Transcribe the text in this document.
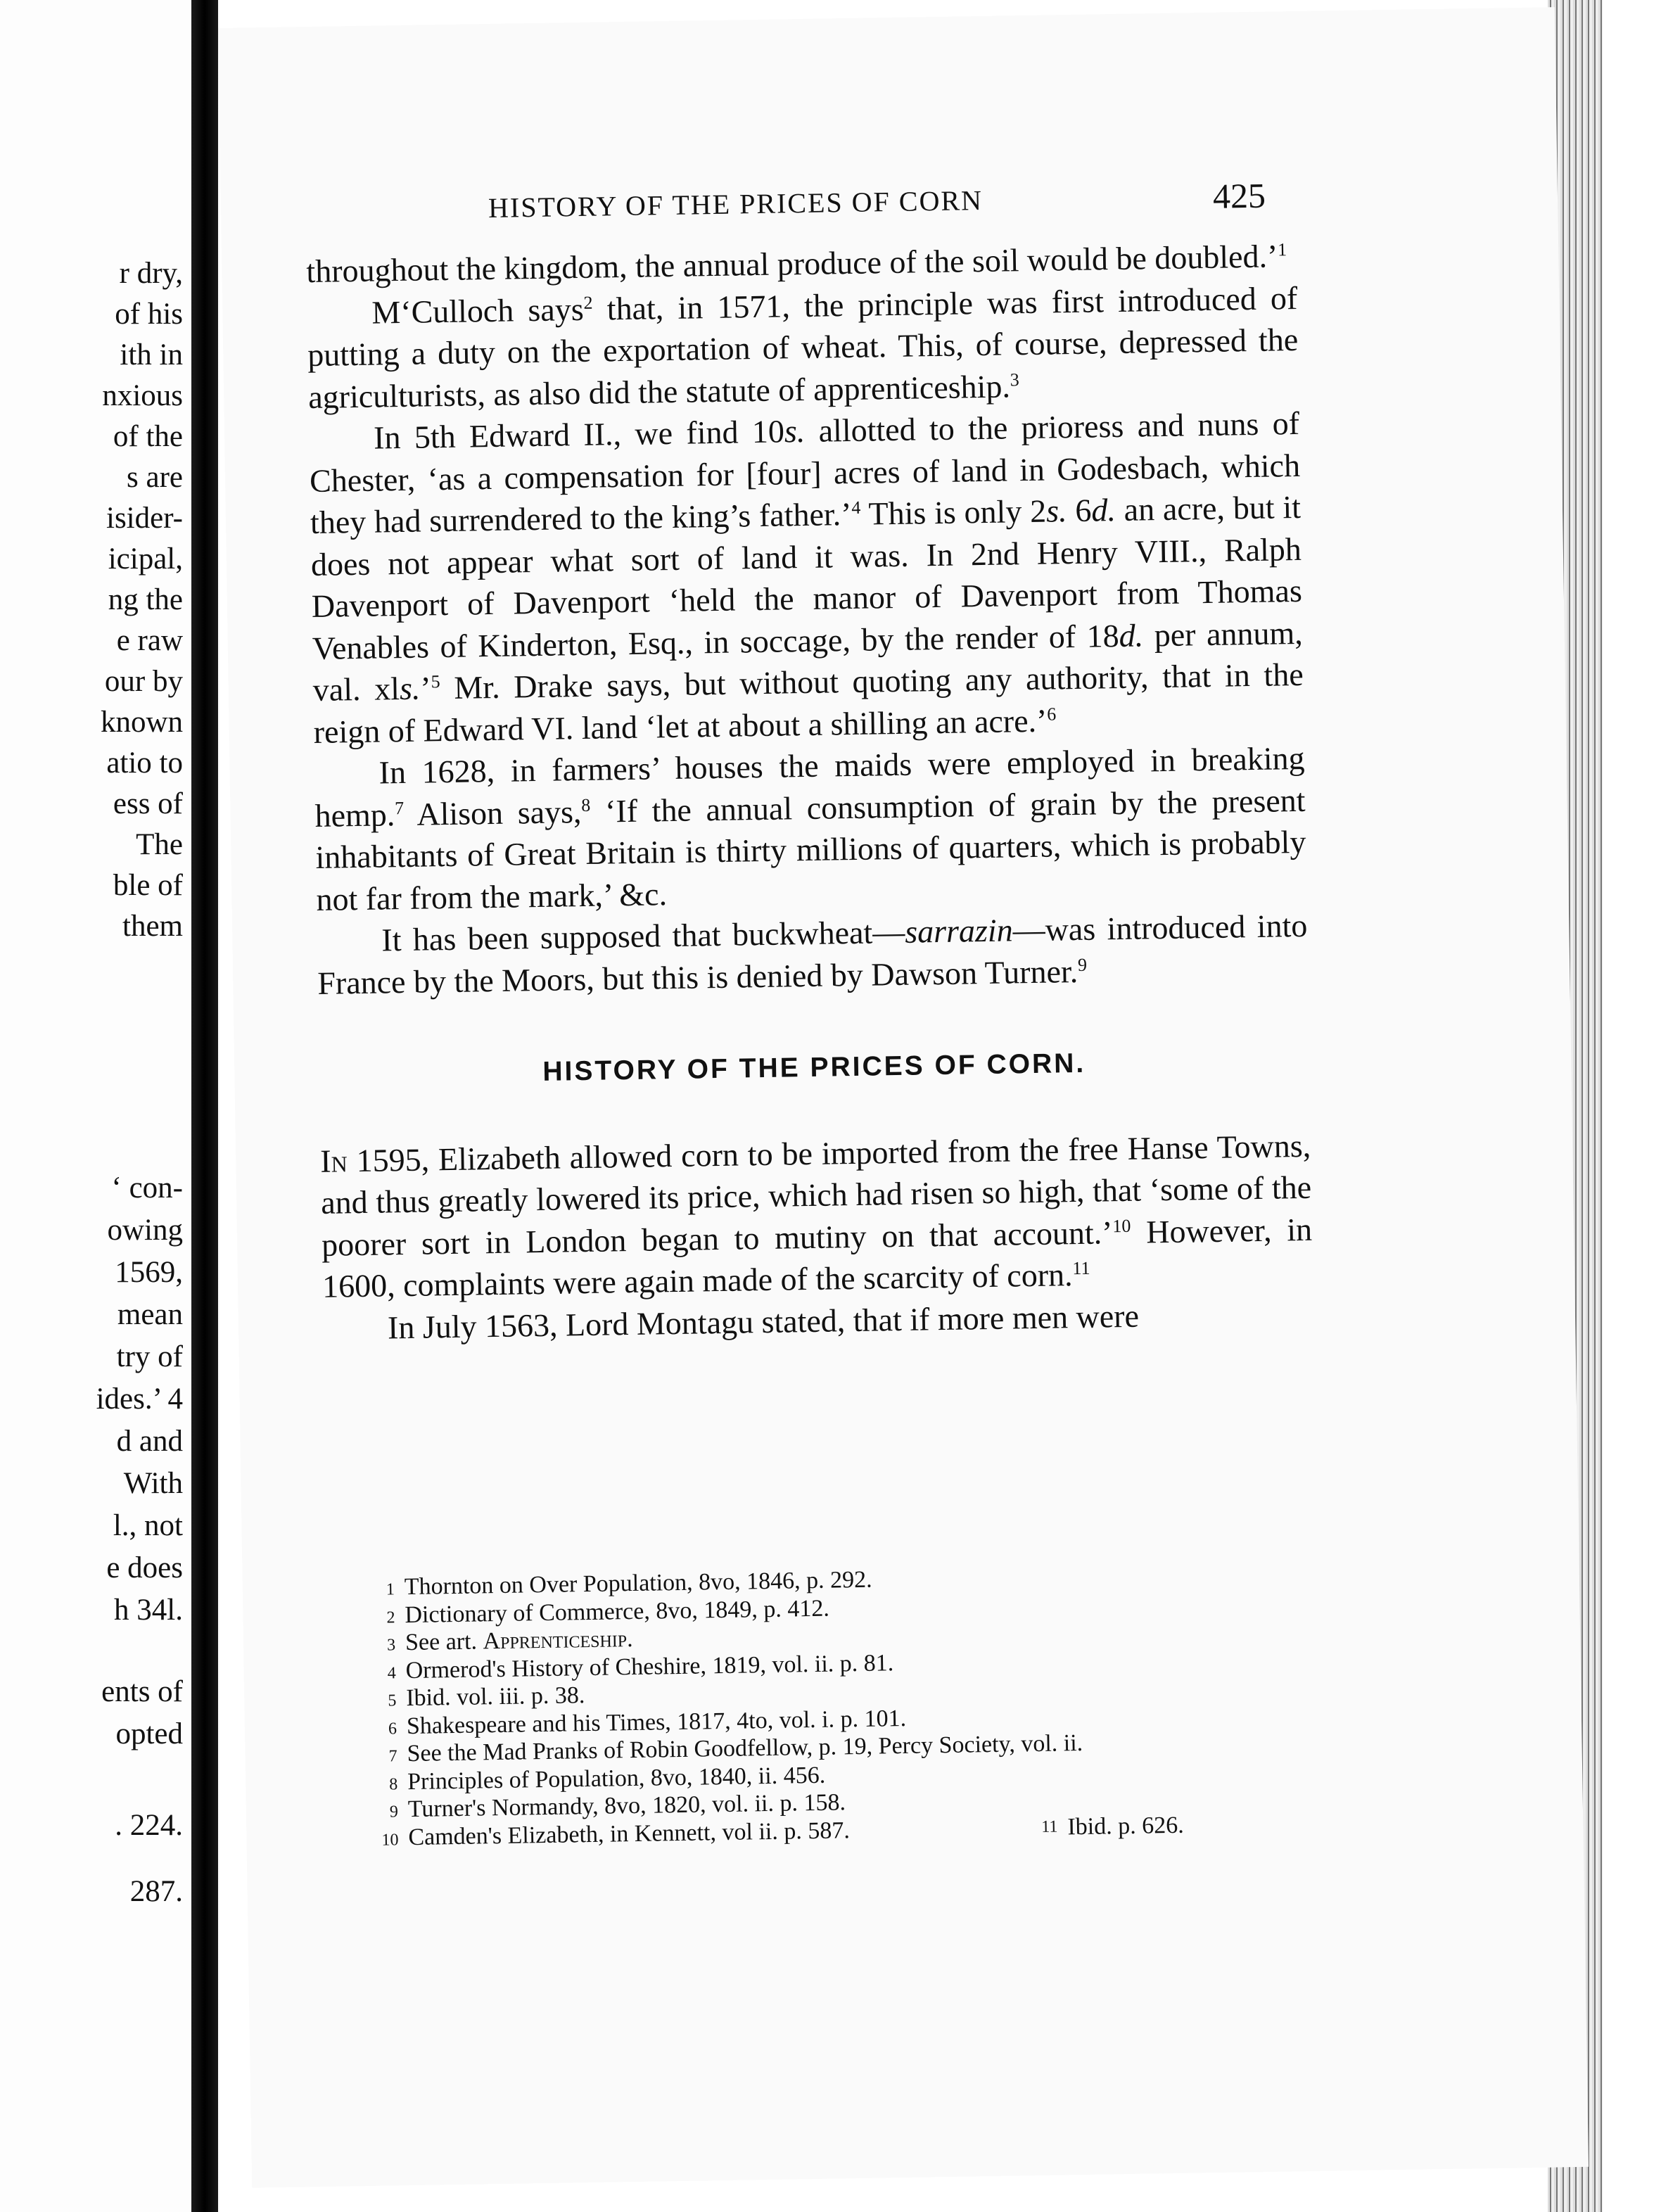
r dry,
of his
ith in
nxious
of the
s are
isider-
icipal,
ng the
e raw
our by
known
atio to
ess of
The
ble of
them
‘ con-
owing
1569,
mean
try of
ides.’ 4
d and
With
l., not
e does
h 34l.
ents of
opted
. 224.
287.
HISTORY OF THE PRICES OF CORN	425

throughout the kingdom, the annual produce of the soil would be doubled.’$^1$

M‘Culloch says$^2$ that, in 1571, the principle was first introduced of putting a duty on the exportation of wheat. This, of course, depressed the agriculturists, as also did the statute of apprenticeship.$^3$

In 5th Edward II., we find 10s. allotted to the prioress and nuns of Chester, ‘as a compensation for [four] acres of land in Godesbach, which they had surrendered to the king’s father.’$^4$ This is only 2s. 6d. an acre, but it does not appear what sort of land it was. In 2nd Henry VIII., Ralph Davenport of Davenport ‘held the manor of Davenport from Thomas Venables of Kinderton, Esq., in soccage, by the render of 18d. per annum, val. xls.’$^5$ Mr. Drake says, but without quoting any authority, that in the reign of Edward VI. land ‘let at about a shilling an acre.’$^6$

In 1628, in farmers’ houses the maids were employed in breaking hemp.$^7$ Alison says,$^8$ ‘If the annual consumption of grain by the present inhabitants of Great Britain is thirty millions of quarters, which is probably not far from the mark,’ &c.

It has been supposed that buckwheat—sarrazin—was introduced into France by the Moors, but this is denied by Dawson Turner.$^9$

HISTORY OF THE PRICES OF CORN.

In 1595, Elizabeth allowed corn to be imported from the free Hanse Towns, and thus greatly lowered its price, which had risen so high, that ‘some of the poorer sort in London began to mutiny on that account.’$^{10}$ However, in 1600, complaints were again made of the scarcity of corn.$^{11}$

In July 1563, Lord Montagu stated, that if more men were

1 Thornton on Over Population, 8vo, 1846, p. 292.
2 Dictionary of Commerce, 8vo, 1849, p. 412.
3 See art. Apprenticeship.
4 Ormerod's History of Cheshire, 1819, vol. ii. p. 81.
5 Ibid. vol. iii. p. 38.
6 Shakespeare and his Times, 1817, 4to, vol. i. p. 101.
7 See the Mad Pranks of Robin Goodfellow, p. 19, Percy Society, vol. ii.
8 Principles of Population, 8vo, 1840, ii. 456.
9 Turner's Normandy, 8vo, 1820, vol. ii. p. 158.
10 Camden's Elizabeth, in Kennett, vol ii. p. 587.	11 Ibid. p. 626.
